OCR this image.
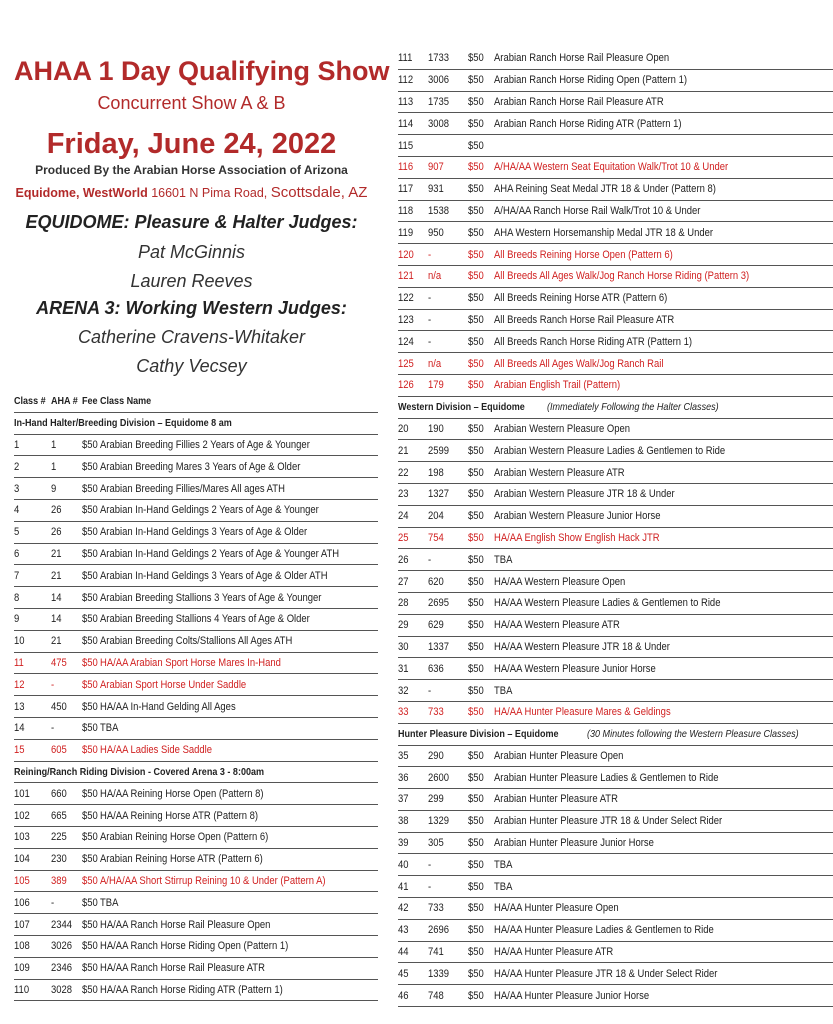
AHAA 1 Day Qualifying Show
Concurrent Show A & B
Friday, June 24, 2022
Produced By the Arabian Horse Association of Arizona
Equidome, WestWorld 16601 N Pima Road, Scottsdale, AZ
EQUIDOME: Pleasure & Halter Judges:
Pat McGinnis
Lauren Reeves
ARENA 3: Working Western Judges:
Catherine Cravens-Whitaker
Cathy Vecsey
Class #	AHA #	Fee	Class Name
In-Hand Halter/Breeding Division – Equidome 8 am			
1	1	$50	Arabian Breeding Fillies 2 Years of Age & Younger
2	1	$50	Arabian Breeding Mares 3 Years of Age & Older
3	9	$50	Arabian Breeding Fillies/Mares All ages ATH
4	26	$50	Arabian In-Hand Geldings 2 Years of Age & Younger
5	26	$50	Arabian In-Hand Geldings 3 Years of Age & Older
6	21	$50	Arabian In-Hand Geldings 2 Years of Age & Younger ATH
7	21	$50	Arabian In-Hand Geldings 3 Years of Age & Older ATH
8	14	$50	Arabian Breeding Stallions 3 Years of Age & Younger
9	14	$50	Arabian Breeding Stallions 4 Years of Age & Older
10	21	$50	Arabian Breeding Colts/Stallions All Ages ATH
11	475	$50	HA/AA Arabian Sport Horse Mares In-Hand
12	-	$50	Arabian Sport Horse Under Saddle
13	450	$50	HA/AA In-Hand Gelding All Ages
14	-	$50	TBA
15	605	$50	HA/AA Ladies Side Saddle
Reining/Ranch Riding Division - Covered Arena 3 - 8:00am			
101	660	$50	HA/AA Reining Horse Open (Pattern 8)
102	665	$50	HA/AA Reining Horse ATR (Pattern 8)
103	225	$50	Arabian Reining Horse Open (Pattern 6)
104	230	$50	Arabian Reining Horse ATR (Pattern 6)
105	389	$50	A/HA/AA Short Stirrup Reining 10 & Under (Pattern A)
106	-	$50	TBA
107	2344	$50	HA/AA Ranch Horse Rail Pleasure Open
108	3026	$50	HA/AA Ranch Horse Riding Open (Pattern 1)
109	2346	$50	HA/AA Ranch Horse Rail Pleasure ATR
110	3028	$50	HA/AA Ranch Horse Riding ATR (Pattern 1)
111	1733	$50	Arabian Ranch Horse Rail Pleasure Open
112	3006	$50	Arabian Ranch Horse Riding Open (Pattern 1)
113	1735	$50	Arabian Ranch Horse Rail Pleasure ATR
114	3008	$50	Arabian Ranch Horse Riding ATR (Pattern 1)
115		$50	
116	907	$50	A/HA/AA Western Seat Equitation Walk/Trot 10 & Under
117	931	$50	AHA Reining Seat Medal JTR 18 & Under (Pattern 8)
118	1538	$50	A/HA/AA Ranch Horse Rail Walk/Trot 10 & Under
119	950	$50	AHA Western Horsemanship Medal JTR 18 & Under
120	-	$50	All Breeds Reining Horse Open (Pattern 6)
121	n/a	$50	All Breeds All Ages Walk/Jog Ranch Horse Riding (Pattern 3)
122	-	$50	All Breeds Reining Horse ATR (Pattern 6)
123	-	$50	All Breeds Ranch Horse Rail Pleasure ATR
124	-	$50	All Breeds Ranch Horse Riding ATR (Pattern 1)
125	n/a	$50	All Breeds All Ages Walk/Jog Ranch Rail
126	179	$50	Arabian English Trail (Pattern)
Western Division – Equidome (Immediately Following the Halter Classes)			
20	190	$50	Arabian Western Pleasure Open
21	2599	$50	Arabian Western Pleasure Ladies & Gentlemen to Ride
22	198	$50	Arabian Western Pleasure ATR
23	1327	$50	Arabian Western Pleasure JTR 18 & Under
24	204	$50	Arabian Western Pleasure Junior Horse
25	754	$50	HA/AA English Show English Hack JTR
26	-	$50	TBA
27	620	$50	HA/AA Western Pleasure Open
28	2695	$50	HA/AA Western Pleasure Ladies & Gentlemen to Ride
29	629	$50	HA/AA Western Pleasure ATR
30	1337	$50	HA/AA Western Pleasure JTR 18 & Under
31	636	$50	HA/AA Western Pleasure Junior Horse
32	-	$50	TBA
33	733	$50	HA/AA Hunter Pleasure Mares & Geldings
Hunter Pleasure Division – Equidome (30 Minutes following the Western Pleasure Classes)			
35	290	$50	Arabian Hunter Pleasure Open
36	2600	$50	Arabian Hunter Pleasure Ladies & Gentlemen to Ride
37	299	$50	Arabian Hunter Pleasure ATR
38	1329	$50	Arabian Hunter Pleasure JTR 18 & Under Select Rider
39	305	$50	Arabian Hunter Pleasure Junior Horse
40	-	$50	TBA
41	-	$50	TBA
42	733	$50	HA/AA Hunter Pleasure Open
43	2696	$50	HA/AA Hunter Pleasure Ladies & Gentlemen to Ride
44	741	$50	HA/AA Hunter Pleasure ATR
45	1339	$50	HA/AA Hunter Pleasure JTR 18 & Under Select Rider
46	748	$50	HA/AA Hunter Pleasure Junior Horse
